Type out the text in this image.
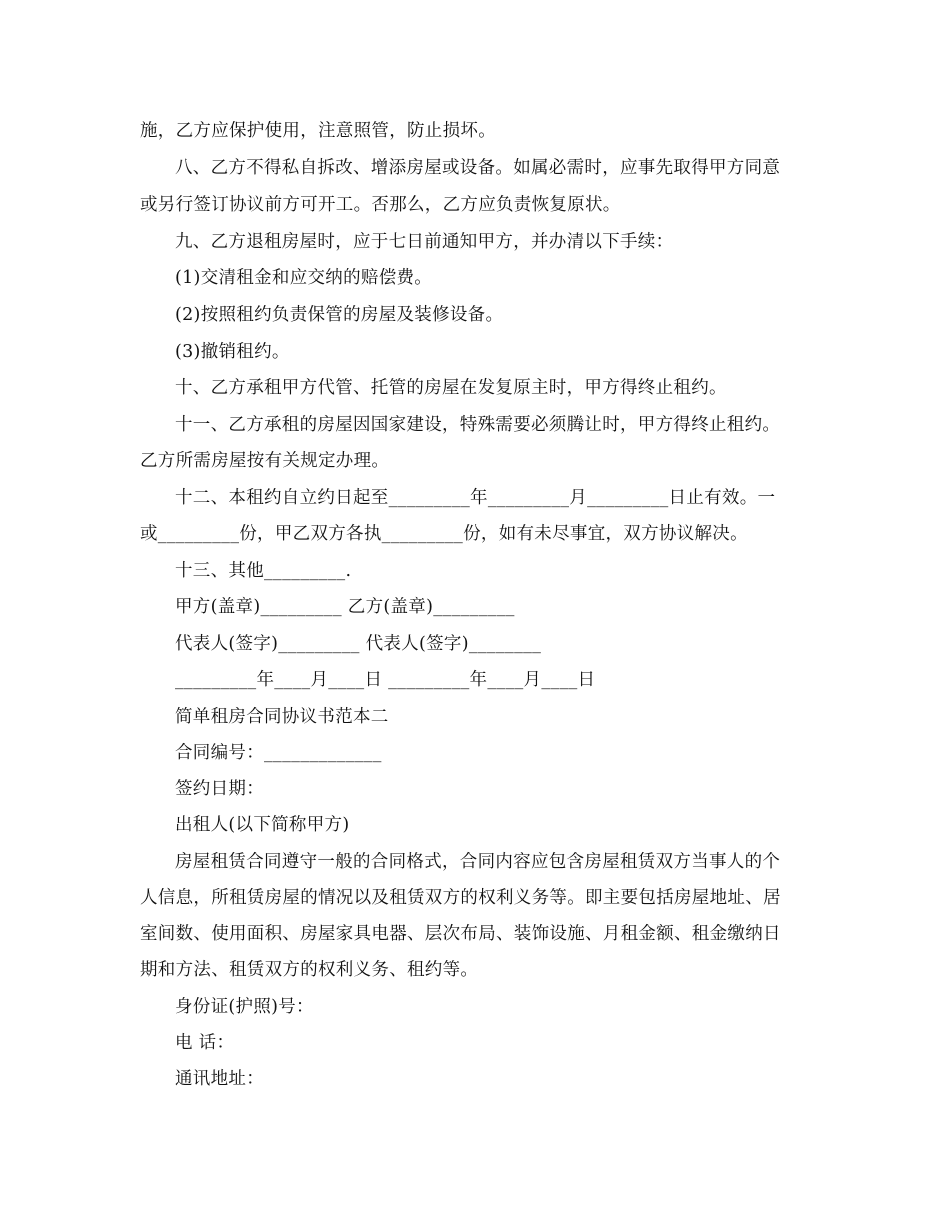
施，乙方应保护使用，注意照管，防止损坏。
八、乙方不得私自拆改、增添房屋或设备。如属必需时，应事先取得甲方同意
或另行签订协议前方可开工。否那么，乙方应负责恢复原状。
九、乙方退租房屋时，应于七日前通知甲方，并办清以下手续：
(1)交清租金和应交纳的赔偿费。
(2)按照租约负责保管的房屋及装修设备。
(3)撤销租约。
十、乙方承租甲方代管、托管的房屋在发复原主时，甲方得终止租约。
十一、乙方承租的房屋因国家建设，特殊需要必须腾让时，甲方得终止租约。
乙方所需房屋按有关规定办理。
十二、本租约自立约日起至_________年_________月_________日止有效。一
或_________份，甲乙双方各执_________份，如有未尽事宜，双方协议解决。
十三、其他_________.
甲方(盖章)_________ 乙方(盖章)_________
代表人(签字)_________ 代表人(签字)________
_________年____月____日 _________年____月____日
简单租房合同协议书范本二
合同编号：_____________
签约日期：
出租人(以下简称甲方)
房屋租赁合同遵守一般的合同格式，合同内容应包含房屋租赁双方当事人的个
人信息，所租赁房屋的情况以及租赁双方的权利义务等。即主要包括房屋地址、居
室间数、使用面积、房屋家具电器、层次布局、装饰设施、月租金额、租金缴纳日
期和方法、租赁双方的权利义务、租约等。
身份证(护照)号：
电 话：
通讯地址：
